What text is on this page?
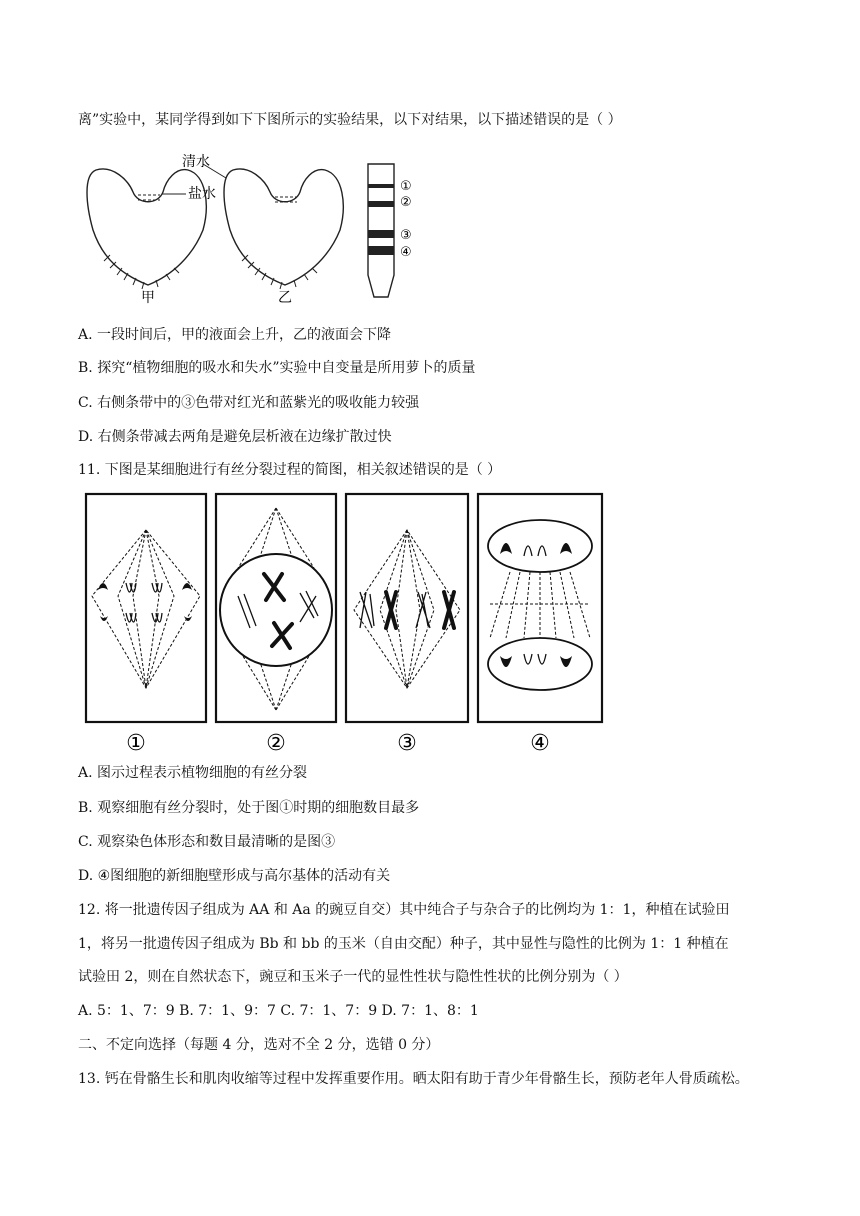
离”实验中，某同学得到如下下图所示的实验结果，以下对结果，以下描述错误的是（ ）
清水
盐水
甲	乙
①
②
③
④
A. 一段时间后，甲的液面会上升，乙的液面会下降
B. 探究“植物细胞的吸水和失水”实验中自变量是所用萝卜的质量
C. 右侧条带中的③色带对红光和蓝紫光的吸收能力较强
D. 右侧条带减去两角是避免层析液在边缘扩散过快
11. 下图是某细胞进行有丝分裂过程的简图，相关叙述错误的是（ ）
①	②	③	④
A. 图示过程表示植物细胞的有丝分裂
B. 观察细胞有丝分裂时，处于图①时期的细胞数目最多
C. 观察染色体形态和数目最清晰的是图③
D. ④图细胞的新细胞壁形成与高尔基体的活动有关
12. 将一批遗传因子组成为 AA 和 Aa 的豌豆自交）其中纯合子与杂合子的比例均为 1：1，种植在试验田
1，将另一批遗传因子组成为 Bb 和 bb 的玉米（自由交配）种子，其中显性与隐性的比例为 1：1 种植在
试验田 2，则在自然状态下，豌豆和玉米子一代的显性性状与隐性性状的比例分别为（ ）
A. 5：1、7：9 B. 7：1、9：7 C. 7：1、7：9 D. 7：1、8：1
二、不定向选择（每题 4 分，选对不全 2 分，选错 0 分）
13. 钙在骨骼生长和肌肉收缩等过程中发挥重要作用。晒太阳有助于青少年骨骼生长，预防老年人骨质疏松。
